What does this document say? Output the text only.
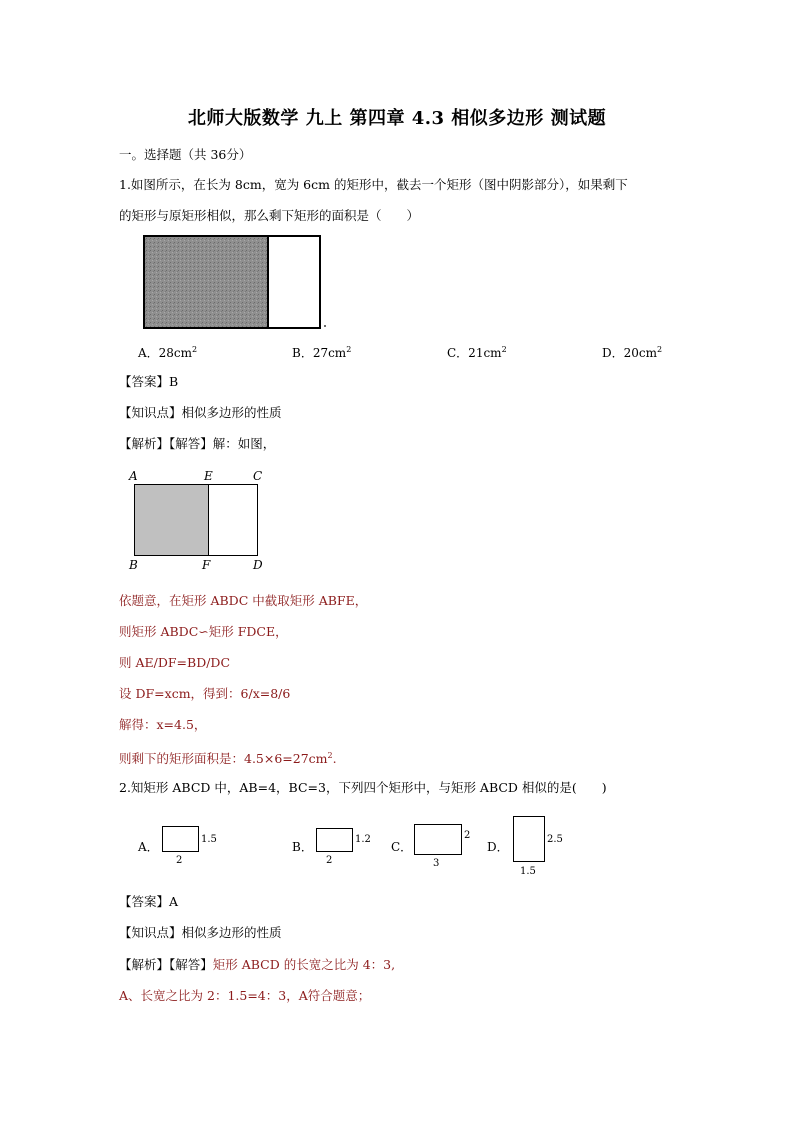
北师大版数学 九上 第四章 4.3 相似多边形 测试题
一。选择题（共 36分）
1.如图所示，在长为 8cm，宽为 6cm 的矩形中，截去一个矩形（图中阴影部分），如果剩下
的矩形与原矩形相似，那么剩下矩形的面积是（　　）
A．$28cm^2$	B．$27cm^2$	C．$21cm^2$	D．$20cm^2$
【答案】B
【知识点】相似多边形的性质
【解析】【解答】解：如图，
A	E	C
B	F	D
依题意，在矩形 ABDC 中截取矩形 ABFE，
则矩形 ABDC∽矩形 FDCE，
则 AE/DF=BD/DC
设 DF=xcm，得到：6/x=8/6
解得：x=4.5，
则剩下的矩形面积是：$4.5\times 6=27cm^2$.
2.知矩形 ABCD 中，AB=4，BC=3，下列四个矩形中，与矩形 ABCD 相似的是(　　)
A．
1.5
2
B．
1.2
2
C．
2
3
D．
2.5
1.5
【答案】A
【知识点】相似多边形的性质
【解析】【解答】矩形 ABCD 的长宽之比为 4：3,
A、长宽之比为 2：1.5=4：3，A符合题意；
